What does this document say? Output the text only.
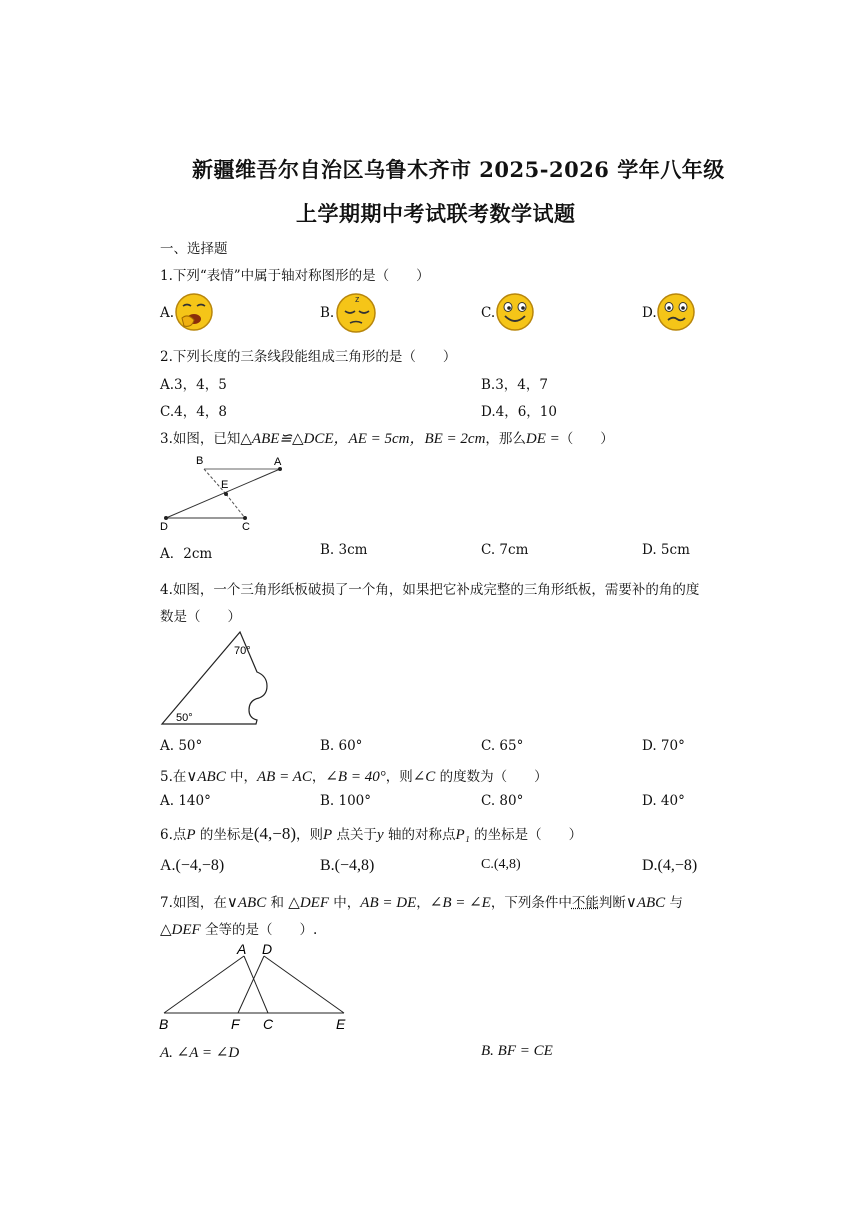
新疆维吾尔自治区乌鲁木齐市 2025-2026 学年八年级
上学期期中考试联考数学试题
一、选择题
1.下列“表情”中属于轴对称图形的是（　　）
A.	B.
z
C.	D.
2.下列长度的三条线段能组成三角形的是（　　）
A.3，4，5	B.3，4，7
C.4，4，8	D.4，6，10
3.如图，已知△ABE≌△DCE，AE = 5cm，BE = 2cm，那么DE =（　　）
B	A
E
D	C
A．2cm	B. 3cm	C. 7cm	D. 5cm
4.如图，一个三角形纸板破损了一个角，如果把它补成完整的三角形纸板，需要补的角的度
数是（　　）
70°
50°
A. 50°	B. 60°	C. 65°	D. 70°
5.在∨ABC 中，AB = AC，∠B = 40°，则∠C 的度数为（　　）
A. 140°	B. 100°	C. 80°	D. 40°
6.点P 的坐标是(4,−8)，则P 点关于y 轴的对称点P₁ 的坐标是（　　）
A.(−4,−8)	B.(−4,8)	C.(4,8)	D.(4,−8)
7.如图，在∨ABC 和 △DEF 中，AB = DE，∠B = ∠E，下列条件中不能判断∨ABC 与
△DEF 全等的是（　　）.
A D
B	F C	E
A. ∠A = ∠D	B. BF = CE
